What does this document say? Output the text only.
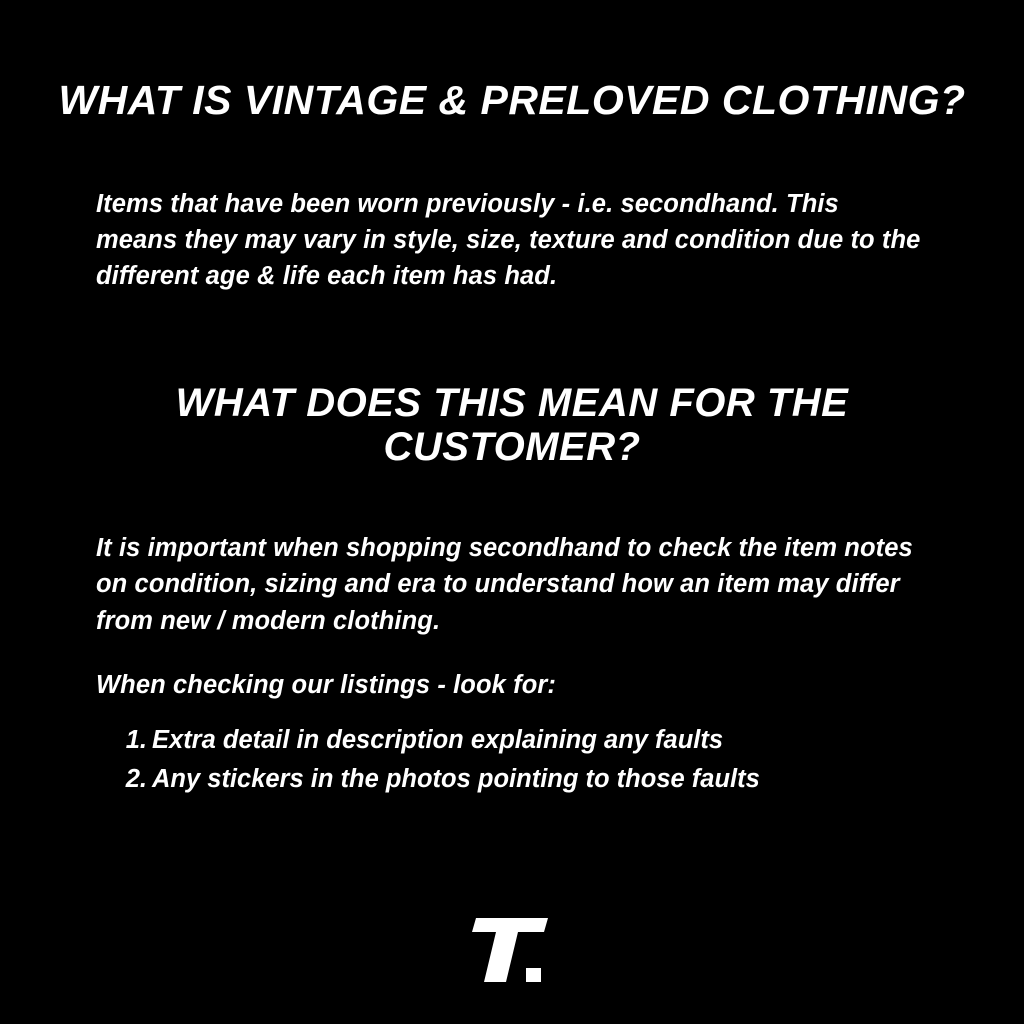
WHAT IS VINTAGE & PRELOVED CLOTHING?

Items that have been worn previously - i.e. secondhand. This means they may vary in style, size, texture and condition due to the different age & life each item has had.

WHAT DOES THIS MEAN FOR THE CUSTOMER?

It is important when shopping secondhand to check the item notes on condition, sizing and era to understand how an item may differ from new / modern clothing.

When checking our listings - look for:

Extra detail in description explaining any faults
Any stickers in the photos pointing to those faults
